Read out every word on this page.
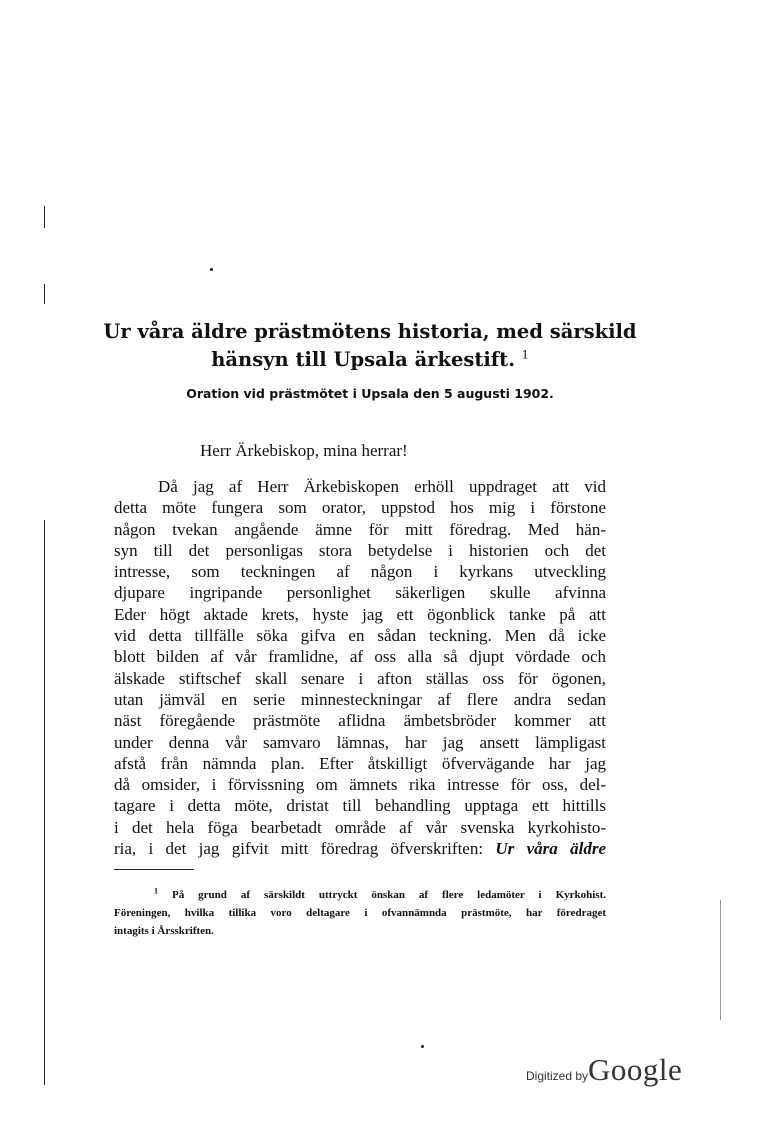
Ur våra äldre prästmötens historia, med särskild
hänsyn till Upsala ärkestift. $^1$

Oration vid prästmötet i Upsala den 5 augusti 1902.

Herr Ärkebiskop, mina herrar!

Då jag af Herr Ärkebiskopen erhöll uppdraget att vid
detta möte fungera som orator, uppstod hos mig i förstone
någon tvekan angående ämne för mitt föredrag. Med hän-
syn till det personligas stora betydelse i historien och det
intresse, som teckningen af någon i kyrkans utveckling
djupare ingripande personlighet säkerligen skulle afvinna
Eder högt aktade krets, hyste jag ett ögonblick tanke på att
vid detta tillfälle söka gifva en sådan teckning. Men då icke
blott bilden af vår framlidne, af oss alla så djupt vördade och
älskade stiftschef skall senare i afton ställas oss för ögonen,
utan jämväl en serie minnesteckningar af flere andra sedan
näst föregående prästmöte aflidna ämbetsbröder kommer att
under denna vår samvaro lämnas, har jag ansett lämpligast
afstå från nämnda plan. Efter åtskilligt öfvervägande har jag
då omsider, i förvissning om ämnets rika intresse för oss, del-
tagare i detta möte, dristat till behandling upptaga ett hittills
i det hela föga bearbetadt område af vår svenska kyrkohisto-
ria, i det jag gifvit mitt föredrag öfverskriften: Ur våra äldre
$^1$ På grund af särskildt uttryckt önskan af flere ledamöter i Kyrkohist.
Föreningen, hvilka tillika voro deltagare i ofvannämnda prästmöte, har föredraget
intagits i Årsskriften.
Digitized byGoogle
